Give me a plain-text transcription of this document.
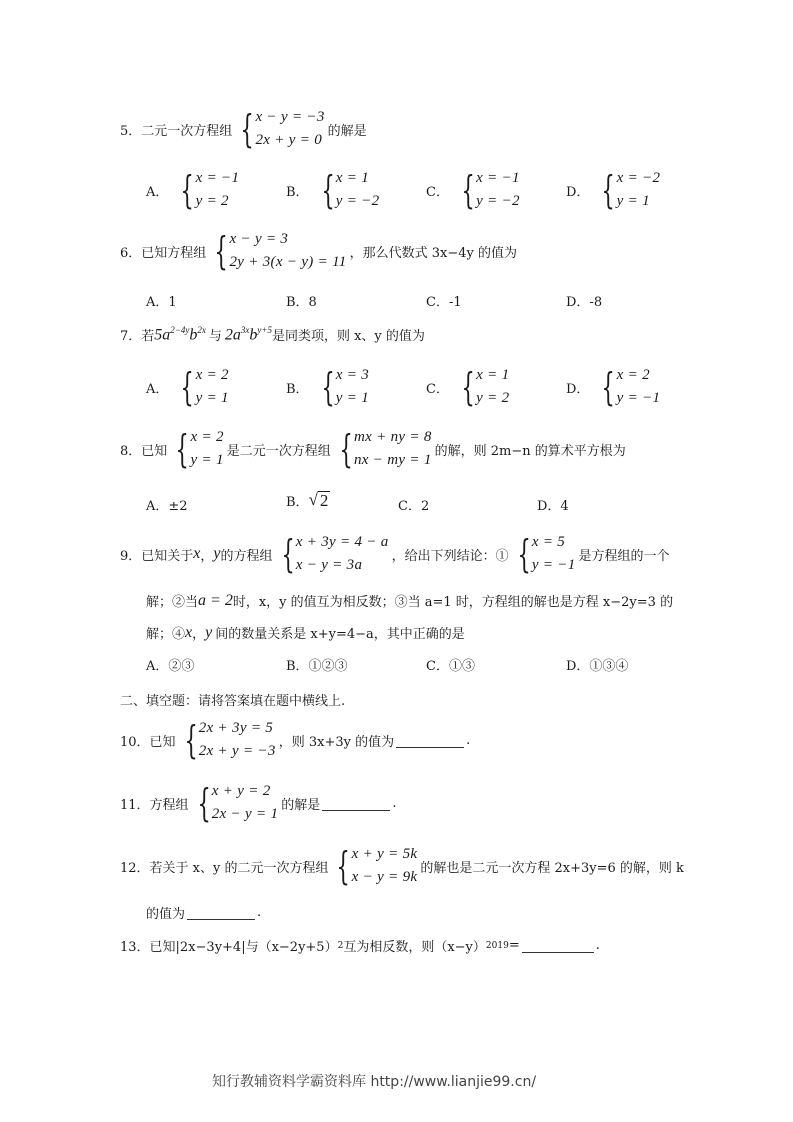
5．二元一次方程组 { x − y = −3
2x + y = 0
的解是
A． { x = −1
y = 2
B． { x = 1
y = −2
C． { x = −1
y = −2
D． { x = −2
y = 1
6．已知方程组 { x − y = 3
2y + 3(x − y) = 11
，那么代数式 3x−4y 的值为
A．1	B．8	C．-1	D．-8
7．若 $5a^{2-4y}b^{2x}$ 与 $2a^{3x}b^{y+5}$ 是同类项，则 x、y 的值为
A． { x = 2
y = 1
B． { x = 3
y = 1
C． { x = 1
y = 2
D． { x = 2
y = −1
8．已知 { x = 2
y = 1
是二元一次方程组 { mx + ny = 8
nx − my = 1
的解，则 2m−n 的算术平方根为
A．±2	B． √ 2	C．2	D．4
9．已知关于 x ， y 的方程组 { x + 3y = 4 − a
x − y = 3a
，给出下列结论：① { x = 5
y = −1
是方程组的一个
解；②当 a = 2 时，x，y 的值互为相反数；③当 a=1 时，方程组的解也是方程 x−2y=3 的
解；④ x ， y 间的数量关系是 x+y=4−a，其中正确的是
A．②③	B．①②③	C．①③	D．①③④
二、填空题：请将答案填在题中横线上.
10．已知 { 2x + 3y = 5
2x + y = −3
，则 3x+3y 的值为	.
11．方程组 { x + y = 2
2x − y = 1
的解是	.
12．若关于 x、y 的二元一次方程组 { x + y = 5k
x − y = 9k
的解也是二元一次方程 2x+3y=6 的解，则 k
的值为	.
13．已知|2x−3y+4|与（x−2y+5） 2 互为相反数，则（x−y） 2019 =	.
知行教辅资料学霸资料库 http://www.lianjie99.cn/
